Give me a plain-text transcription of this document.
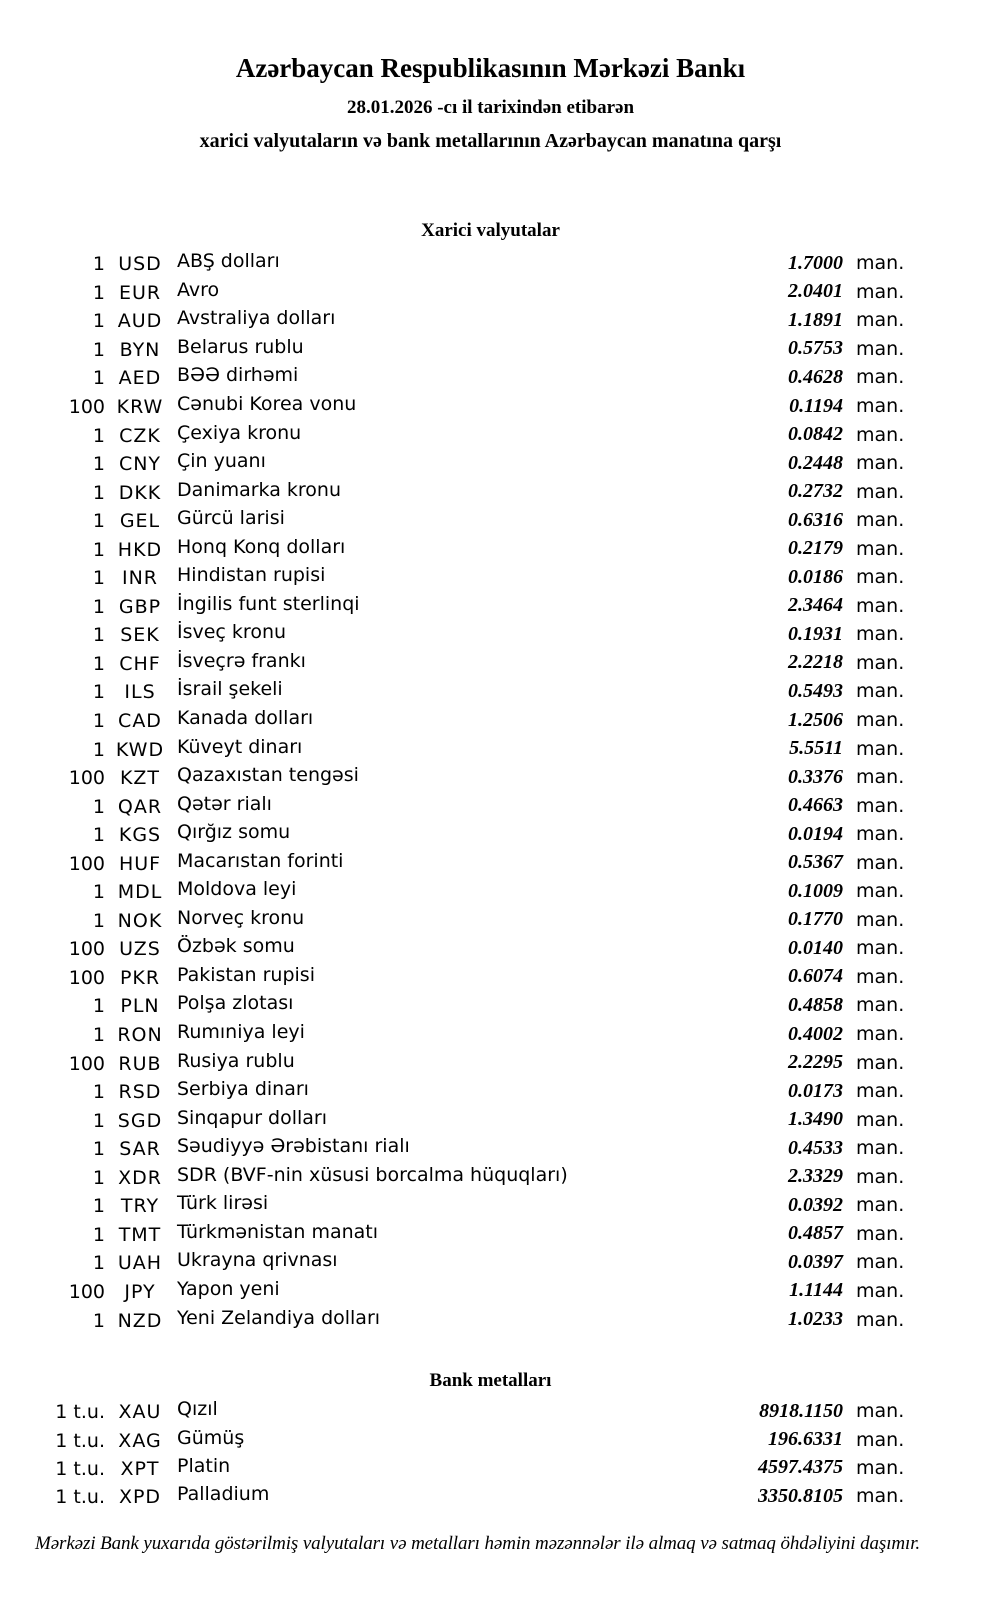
Azərbaycan Respublikasının Mərkəzi Bankı
28.01.2026 -cı il tarixindən etibarən
xarici valyutaların və bank metallarının Azərbaycan manatına qarşı
Xarici valyutalar
1 USD ABŞ dolları	1.7000 man.
1 EUR Avro	2.0401 man.
1 AUD Avstraliya dolları	1.1891 man.
1 BYN Belarus rublu	0.5753 man.
1 AED BƏƏ dirhəmi	0.4628 man.
100 KRW Cənubi Korea vonu	0.1194 man.
1 CZK Çexiya kronu	0.0842 man.
1 CNY Çin yuanı	0.2448 man.
1 DKK Danimarka kronu	0.2732 man.
1 GEL Gürcü larisi	0.6316 man.
1 HKD Honq Konq dolları	0.2179 man.
1 INR Hindistan rupisi	0.0186 man.
1 GBP İngilis funt sterlinqi	2.3464 man.
1 SEK İsveç kronu	0.1931 man.
1 CHF İsveçrə frankı	2.2218 man.
1	ILS	İsrail şekeli	0.5493 man.
1 CAD Kanada dolları	1.2506 man.
1 KWD Küveyt dinarı	5.5511 man.
100 KZT Qazaxıstan tengəsi	0.3376 man.
1 QAR Qətər rialı	0.4663 man.
1 KGS Qırğız somu	0.0194 man.
100 HUF Macarıstan forinti	0.5367 man.
1 MDL Moldova leyi	0.1009 man.
1 NOK Norveç kronu	0.1770 man.
100 UZS Özbək somu	0.0140 man.
100 PKR Pakistan rupisi	0.6074 man.
1 PLN Polşa zlotası	0.4858 man.
1 RON Rumıniya leyi	0.4002 man.
100 RUB Rusiya rublu	2.2295 man.
1 RSD Serbiya dinarı	0.0173 man.
1 SGD Sinqapur dolları	1.3490 man.
1 SAR Səudiyyə Ərəbistanı rialı	0.4533 man.
1 XDR SDR (BVF-nin xüsusi borcalma hüquqları)	2.3329 man.
1 TRY Türk lirəsi	0.0392 man.
1 TMT Türkmənistan manatı	0.4857 man.
1 UAH Ukrayna qrivnası	0.0397 man.
100	JPY	Yapon yeni	1.1144 man.
1 NZD Yeni Zelandiya dolları	1.0233 man.
Bank metalları
1 t.u. XAU Qızıl	8918.1150 man.
1 t.u. XAG Gümüş	196.6331 man.
1 t.u. XPT Platin	4597.4375 man.
1 t.u. XPD Palladium	3350.8105 man.
Mərkəzi Bank yuxarıda göstərilmiş valyutaları və metalları həmin məzənnələr ilə almaq və satmaq öhdəliyini daşımır.
